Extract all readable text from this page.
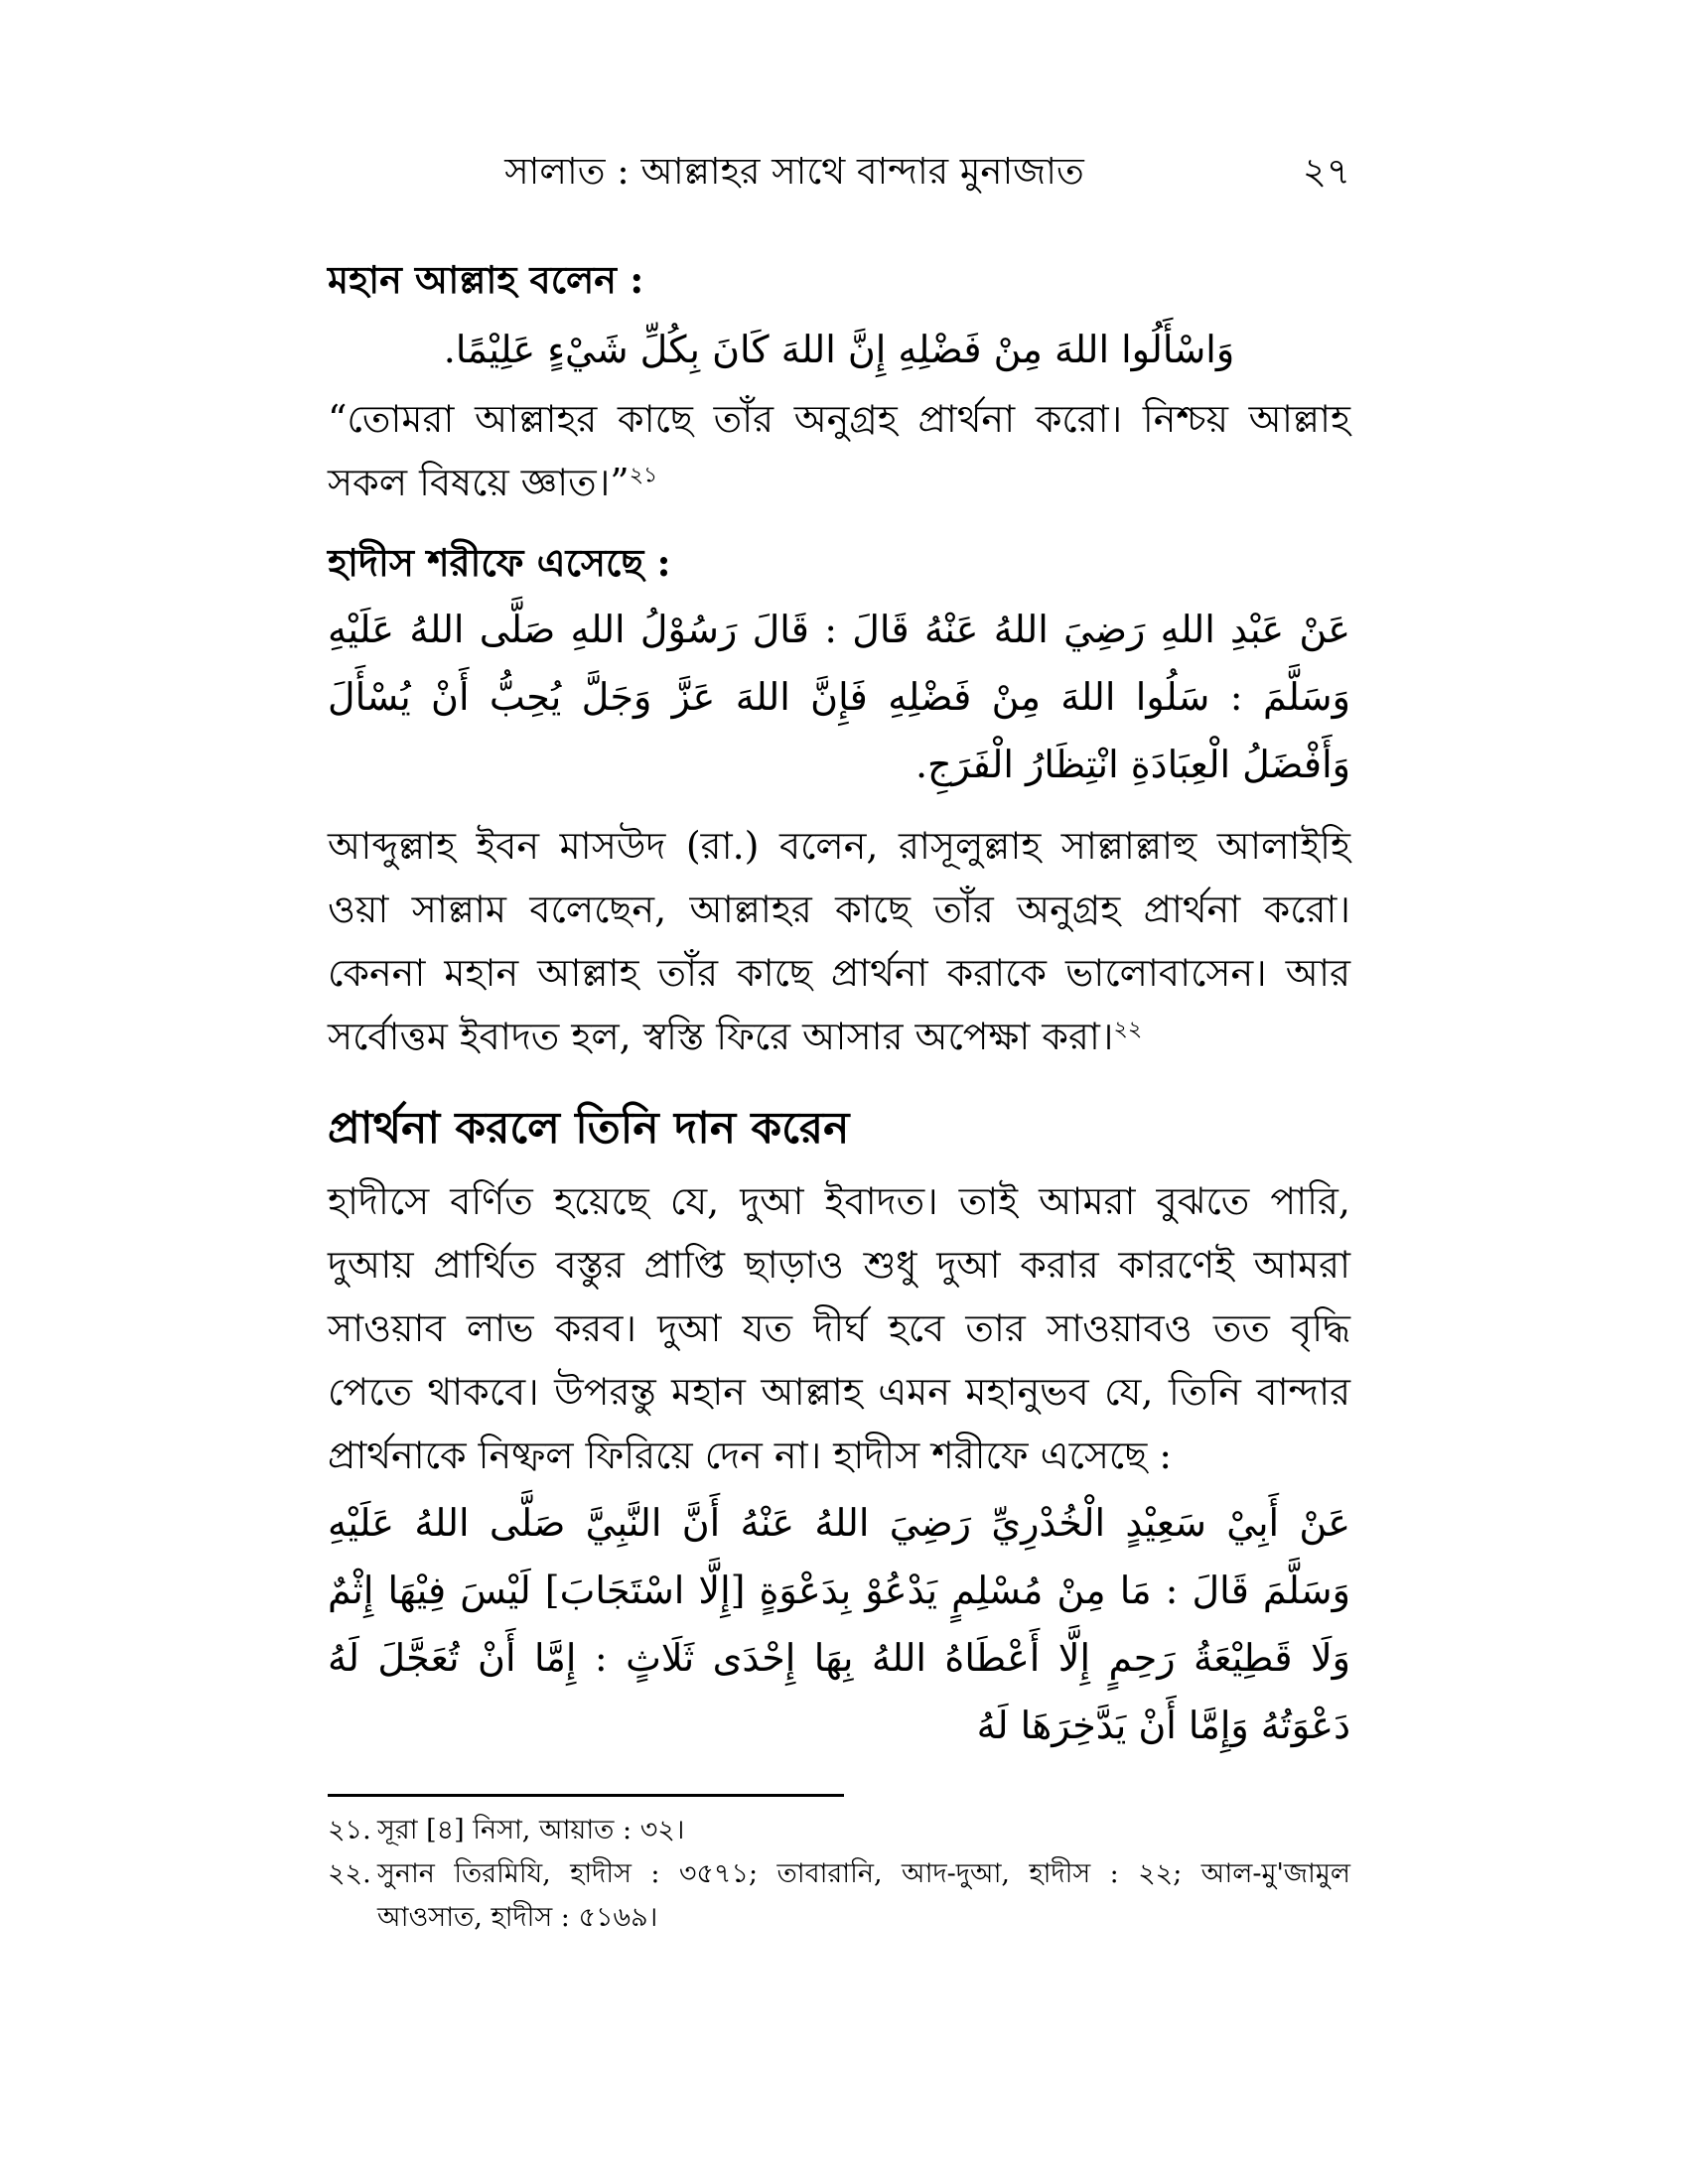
সালাত : আল্লাহর সাথে বান্দার মুনাজাত	২৭

মহান আল্লাহ বলেন :

وَاسْأَلُوا اللهَ مِنْ فَضْلِهِ إِنَّ اللهَ كَانَ بِكُلِّ شَيْءٍ عَلِيْمًا.

“তোমরা আল্লাহর কাছে তাঁর অনুগ্রহ প্রার্থনা করো। নিশ্চয় আল্লাহ সকল বিষয়ে জ্ঞাত।”$^{২১}$

হাদীস শরীফে এসেছে :

عَنْ عَبْدِ اللهِ رَضِيَ اللهُ عَنْهُ قَالَ : قَالَ رَسُوْلُ اللهِ صَلَّى اللهُ عَلَيْهِ وَسَلَّمَ : سَلُوا اللهَ مِنْ فَضْلِهِ فَإِنَّ اللهَ عَزَّ وَجَلَّ يُحِبُّ أَنْ يُسْأَلَ وَأَفْضَلُ الْعِبَادَةِ انْتِظَارُ الْفَرَجِ.

আব্দুল্লাহ ইবন মাসউদ (রা.) বলেন, রাসূলুল্লাহ সাল্লাল্লাহু আলাইহি ওয়া সাল্লাম বলেছেন, আল্লাহর কাছে তাঁর অনুগ্রহ প্রার্থনা করো। কেননা মহান আল্লাহ তাঁর কাছে প্রার্থনা করাকে ভালোবাসেন। আর সর্বোত্তম ইবাদত হল, স্বস্তি ফিরে আসার অপেক্ষা করা।$^{২২}$

প্রার্থনা করলে তিনি দান করেন

হাদীসে বর্ণিত হয়েছে যে, দুআ ইবাদত। তাই আমরা বুঝতে পারি, দুআয় প্রার্থিত বস্তুর প্রাপ্তি ছাড়াও শুধু দুআ করার কারণেই আমরা সাওয়াব লাভ করব। দুআ যত দীর্ঘ হবে তার সাওয়াবও তত বৃদ্ধি পেতে থাকবে। উপরন্তু মহান আল্লাহ এমন মহানুভব যে, তিনি বান্দার প্রার্থনাকে নিষ্ফল ফিরিয়ে দেন না। হাদীস শরীফে এসেছে :

عَنْ أَبِيْ سَعِيْدٍ الْخُدْرِيِّ رَضِيَ اللهُ عَنْهُ أَنَّ النَّبِيَّ صَلَّى اللهُ عَلَيْهِ وَسَلَّمَ قَالَ : مَا مِنْ مُسْلِمٍ يَدْعُوْ بِدَعْوَةٍ [إِلَّا اسْتَجَابَ] لَيْسَ فِيْهَا إِثْمٌ وَلَا قَطِيْعَةُ رَحِمٍ إِلَّا أَعْطَاهُ اللهُ بِهَا إِحْدَى ثَلَاثٍ : إِمَّا أَنْ تُعَجَّلَ لَهُ دَعْوَتُهُ وَإِمَّا أَنْ يَدَّخِرَهَا لَهُ

২১. সূরা [৪] নিসা, আয়াত : ৩২।
২২. সুনান তিরমিযি, হাদীস : ৩৫৭১; তাবারানি, আদ-দুআ, হাদীস : ২২; আল-মু'জামুল আওসাত, হাদীস : ৫১৬৯।
